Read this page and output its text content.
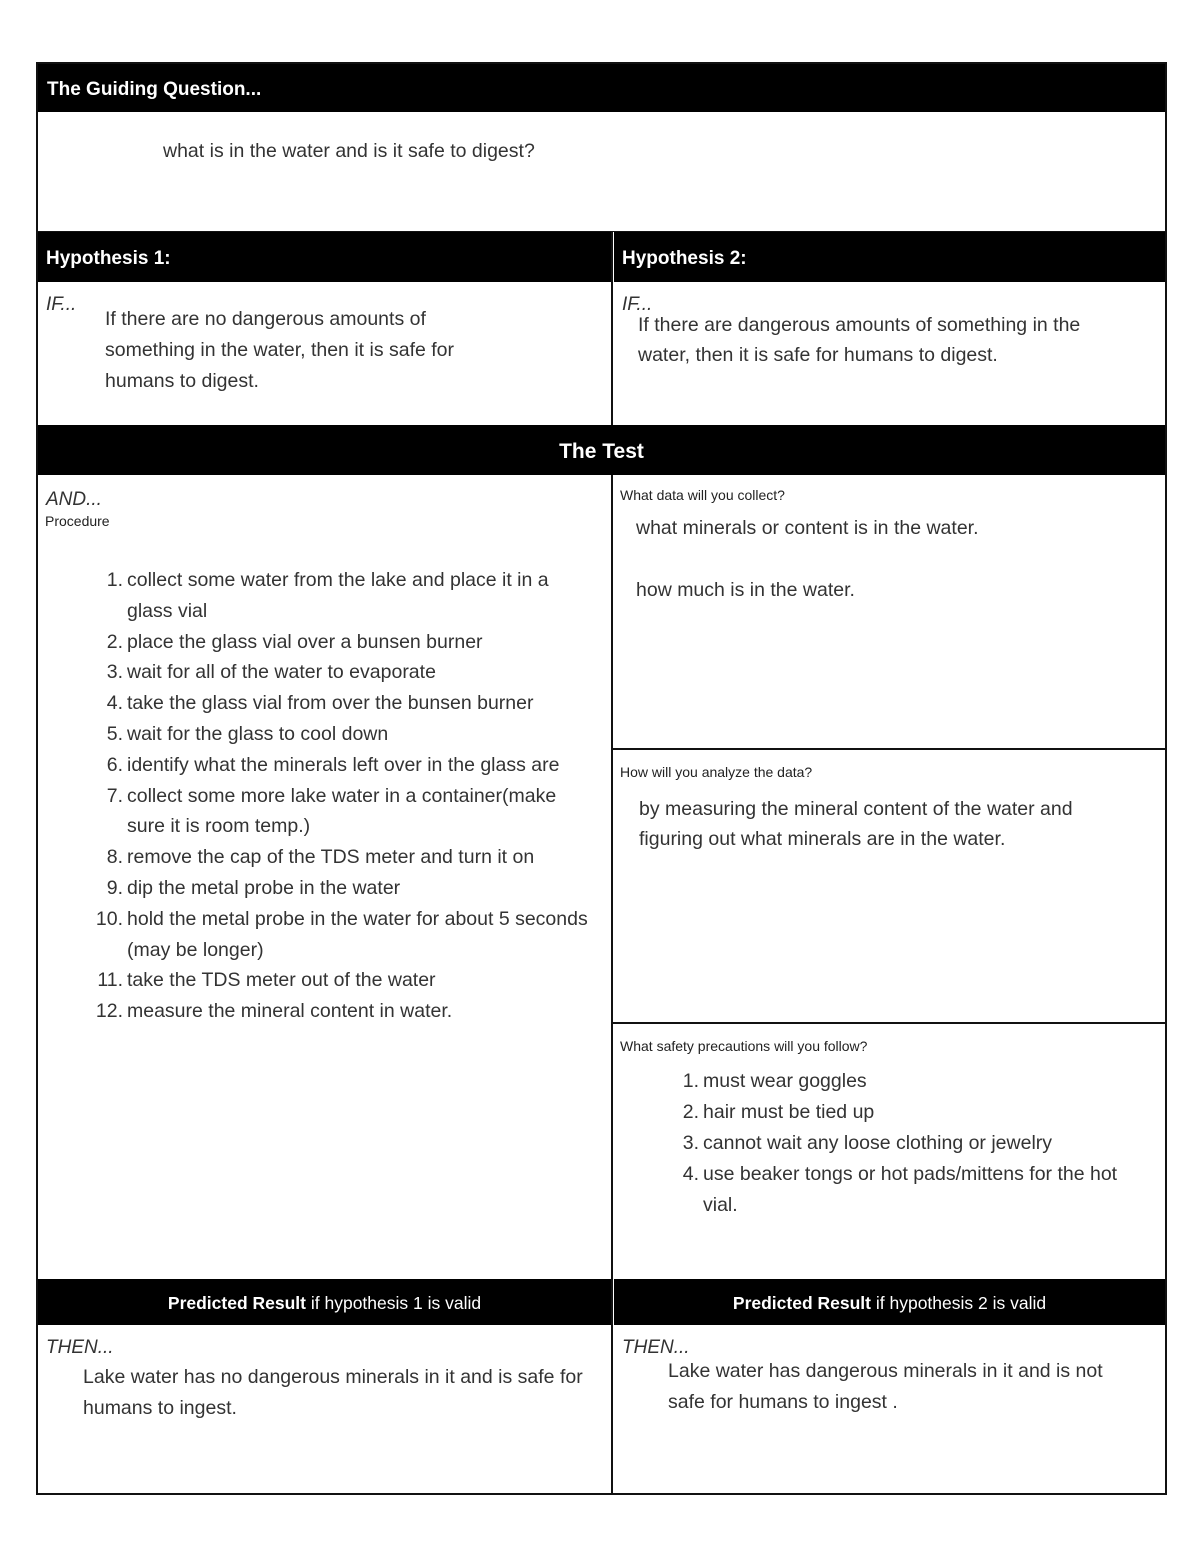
The Guiding Question...
what is in the water and is it safe to digest?
Hypothesis 1:	Hypothesis 2:
IF...
If there are no dangerous amounts of something in the water, then it is safe for humans to digest.
IF...
If there are dangerous amounts of something in the water, then it is safe for humans to digest.
The Test
AND...
Procedure
1. collect some water from the lake and place it in a glass vial
2. place the glass vial over a bunsen burner
3. wait for all of the water to evaporate
4. take the glass vial from over the bunsen burner
5. wait for the glass to cool down
6. identify what the minerals left over in the glass are
7. collect some more lake water in a container(make sure it is room temp.)
8. remove the cap of the TDS meter and turn it on
9. dip the metal probe in the water
10. hold the metal probe in the water for about 5 seconds (may be longer)
11. take the TDS meter out of the water
12. measure the mineral content in water.
What data will you collect?
what minerals or content is in the water.
how much is in the water.
How will you analyze the data?
by measuring the mineral content of the water and figuring out what minerals are in the water.
What safety precautions will you follow?
1. must wear goggles
2. hair must be tied up
3. cannot wait any loose clothing or jewelry
4. use beaker tongs or hot pads/mittens for the hot vial.
Predicted Result if hypothesis 1 is valid	Predicted Result if hypothesis 2 is valid
THEN...
Lake water has no dangerous minerals in it and is safe for humans to ingest.
THEN...
Lake water has dangerous minerals in it and is not safe for humans to ingest .
